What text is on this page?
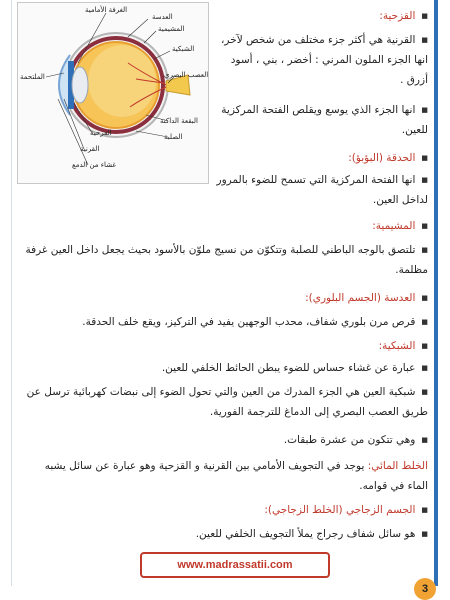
الغرفة الأمامية
العدسة
المشيمية
الشبكية
الملتحمة	العصب البصري
البقعة الداكنة
الصلبة
القزحية
القرنية
غشاء من الدمع
■ القزحية:
■ القرنية هي أكثر جزء مختلف من شخص لآخر، انها الجزء الملون المرني : أخضر ، بني ، أسود أزرق .
■ انها الجزء الذي يوسع ويقلص الفتحة المركزية للعين.
■ الحدقة (البؤبؤ):
■ انها الفتحة المركزية التي تسمح للضوء بالمرور لداخل العين.
■ المشيمية:
■ تلتصق بالوجه الباطني للصلبة وتتكوّن من نسيج ملوّن بالأسود بحيث يجعل داخل العين غرفة مظلمة.
■ العدسة (الجسم البلوري):
■ قرص مرن بلوري شفاف، محدب الوجهين يفيد في التركيز، ويقع خلف الحدقة.
■ الشبكية:
■ عبارة عن غشاء حساس للضوء يبطن الحائط الخلفي للعين.
■ شبكية العين هي الجزء المدرك من العين والتي تحول الضوء إلى نبضات كهربائية ترسل عن طريق العصب البصري إلى الدماغ للترجمة الفورية.
■ وهي تتكون من عشرة طبقات.
الخلط المائي: يوجد في التجويف الأمامي بين القرنية و القزحية وهو عبارة عن سائل يشبه الماء في قوامه.
■ الجسم الزجاجي (الخلط الزجاجي):
■ هو سائل شفاف رجراج يملأ التجويف الخلفي للعين.
www.madrassatii.com
3
